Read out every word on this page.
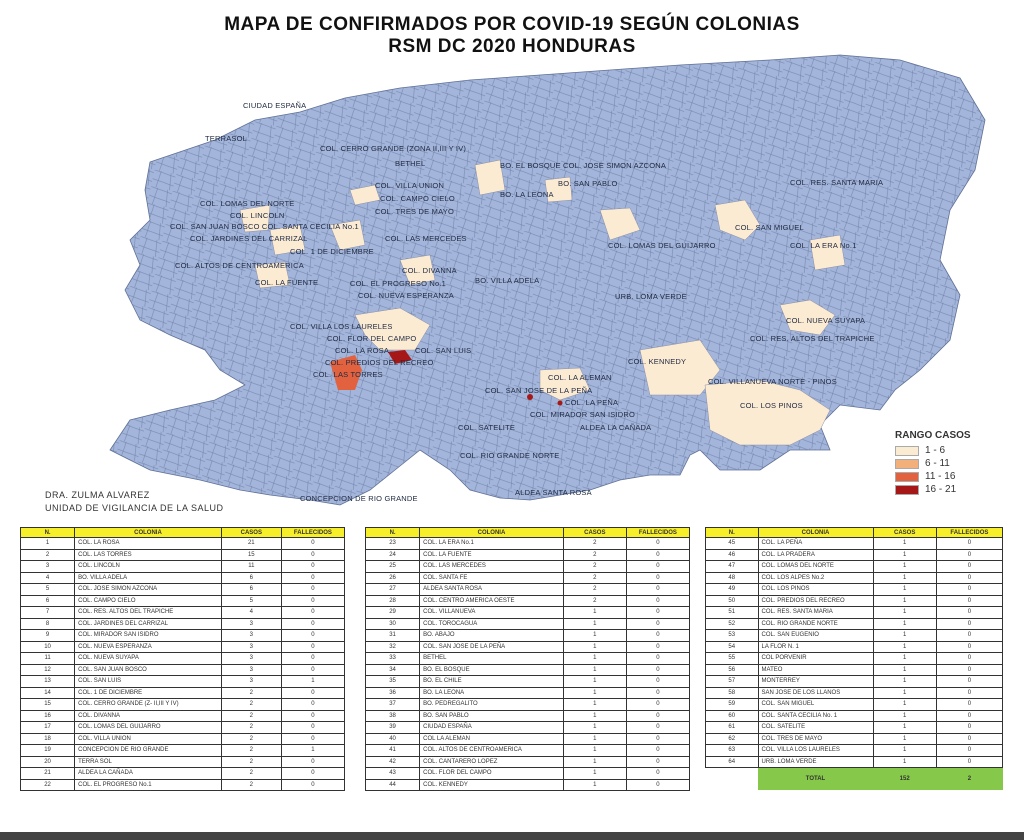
MAPA DE CONFIRMADOS POR COVID-19 SEGÚN COLONIAS
RSM DC 2020 HONDURAS
CIUDAD ESPAÑA
TERRASOL
COL. CERRO GRANDE (ZONA II,III Y IV)
BETHEL	BO. EL BOSQUE COL. JOSE SIMON AZCONA
BO. SAN PABLO
BO. LA LEONA
COL. VILLA UNION
COL. CAMPO CIELO
COL. RES. SANTA MARIA
COL. LOMAS DEL NORTE
COL. TRES DE MAYO
COL. LINCOLN
COL. SAN JUAN BOSCO COL. SANTA CECILIA No.1
COL. LAS MERCEDES
COL. JARDINES DEL CARRIZAL
COL. SAN MIGUEL
COL. LOMAS DEL GUIJARRO	COL. LA ERA No.1
COL. 1 DE DICIEMBRE
COL. ALTOS DE CENTROAMERICA
COL. DIVANNA
BO. VILLA ADELA
COL. LA FUENTE	COL. EL PROGRESO No.1
COL. NUEVA ESPERANZA	URB. LOMA VERDE
COL. NUEVA SUYAPA
COL. VILLA LOS LAURELES
COL. FLOR DEL CAMPO	COL. RES. ALTOS DEL TRAPICHE
COL. LA ROSA	COL. SAN LUIS
COL. PREDIOS DEL RECREO
COL. LAS TORRES
COL. KENNEDY
COL. VILLANUEVA NORTE - PINOS
COL. LA ALEMAN
COL. SAN JOSE DE LA PEÑA
COL. LA PEÑA	COL. LOS PINOS
COL. MIRADOR SAN ISIDRO
COL. SATELITE	ALDEA LA CAÑADA
COL. RIO GRANDE NORTE
CONCEPCION DE RIO GRANDE
ALDEA SANTA ROSA
DRA. ZULMA ALVAREZ
UNIDAD DE VIGILANCIA DE LA SALUD
RANGO CASOS
1 - 6
6 - 11
11 - 16
16 - 21
N.	COLONIA	CASOS	FALLECIDOS
1	COL. LA ROSA	21	0
2	COL. LAS TORRES	15	0
3	COL. LINCOLN	11	0
4	BO. VILLA ADELA	6	0
5	COL. JOSE SIMON AZCONA	6	0
6	COL. CAMPO CIELO	5	0
7	COL. RES. ALTOS DEL TRAPICHE	4	0
8	COL. JARDINES DEL CARRIZAL	3	0
9	COL. MIRADOR SAN ISIDRO	3	0
10	COL. NUEVA ESPERANZA	3	0
11	COL. NUEVA SUYAPA	3	0
12	COL. SAN JUAN BOSCO	3	0
13	COL. SAN LUIS	3	1
14	COL. 1 DE DICIEMBRE	2	0
15	COL. CERRO GRANDE (Z- II,III Y IV)	2	0
16	COL. DIVANNA	2	0
17	COL. LOMAS DEL GUIJARRO	2	0
18	COL. VILLA UNION	2	0
19	CONCEPCION DE RIO GRANDE	2	1
20	TERRA SOL	2	0
21	ALDEA LA CAÑADA	2	0
22	COL. EL PROGRESO No.1	2	0
N.	COLONIA	CASOS	FALLECIDOS
23	COL. LA ERA No.1	2	0
24	COL. LA FUENTE	2	0
25	COL. LAS MERCEDES	2	0
26	COL. SANTA FE	2	0
27	ALDEA SANTA ROSA	2	0
28	COL. CENTRO AMERICA OESTE	2	0
29	COL. VILLANUEVA	1	0
30	COL. TOROCAGUA	1	0
31	BO. ABAJO	1	0
32	COL. SAN JOSE DE LA PEÑA	1	0
33	BETHEL	1	0
34	BO. EL BOSQUE	1	0
35	BO. EL CHILE	1	0
36	BO. LA LEONA	1	0
37	BO. PEDREGALITO	1	0
38	BO. SAN PABLO	1	0
39	CIUDAD ESPAÑA	1	0
40	COL LA ALEMAN	1	0
41	COL. ALTOS DE CENTROAMERICA	1	0
42	COL. CANTARERO LOPEZ	1	0
43	COL. FLOR DEL CAMPO	1	0
44	COL. KENNEDY	1	0
N.	COLONIA	CASOS	FALLECIDOS
45	COL. LA PEÑA	1	0
46	COL. LA PRADERA	1	0
47	COL. LOMAS DEL NORTE	1	0
48	COL. LOS ALPES No.2	1	0
49	COL. LOS PINOS	1	0
50	COL. PREDIOS DEL RECREO	1	0
51	COL. RES. SANTA MARIA	1	0
52	COL. RIO GRANDE NORTE	1	0
53	COL. SAN EUGENIO	1	0
54	LA FLOR N. 1	1	0
55	COL PORVENIR	1	0
56	MATEO	1	0
57	MONTERREY	1	0
58	SAN JOSE DE LOS LLANOS	1	0
59	COL. SAN MIGUEL	1	0
60	COL. SANTA CECILIA No. 1	1	0
61	COL. SATELITE	1	0
62	COL. TRES DE MAYO	1	0
63	COL. VILLA LOS LAURELES	1	0
64	URB. LOMA VERDE	1	0
	TOTAL	152	2
